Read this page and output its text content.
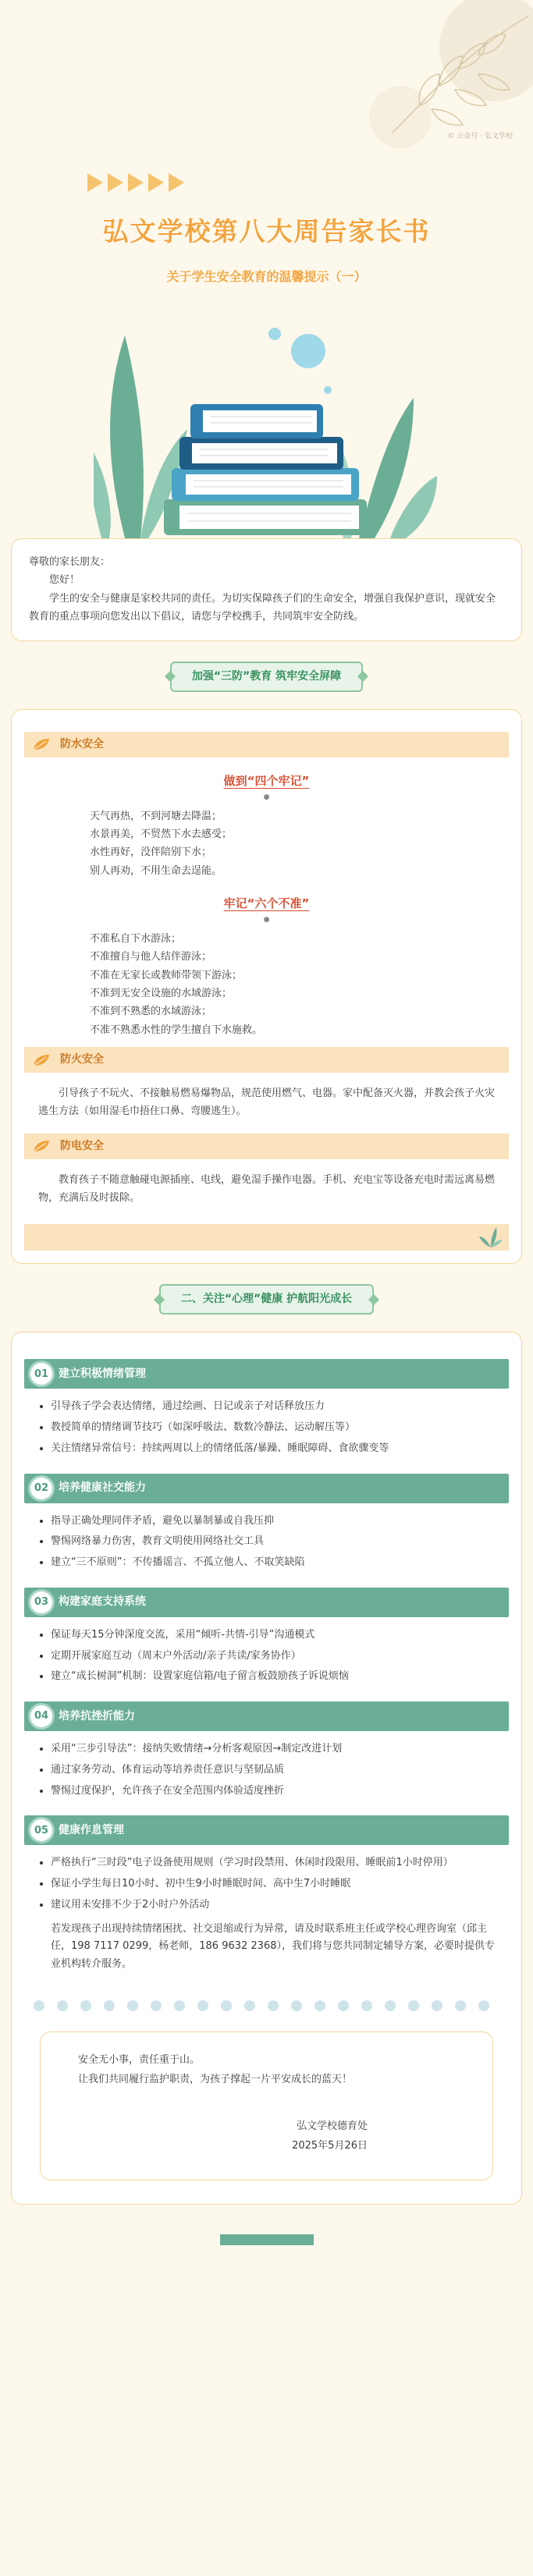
© 公众号 · 弘文学校
弘文学校第八大周告家长书
关于学生安全教育的温馨提示（一）

尊敬的家长朋友：

您好！

学生的安全与健康是家校共同的责任。为切实保障孩子们的生命安全，增强自我保护意识，现就安全教育的重点事项向您发出以下倡议，请您与学校携手，共同筑牢安全防线。

加强“三防”教育 筑牢安全屏障
防水安全
做到“四个牢记”
●
天气再热，不到河塘去降温；
水景再美，不贸然下水去感受；
水性再好，没伴陪别下水；
别人再劝，不用生命去逞能。
牢记“六个不准”
●
不准私自下水游泳；
不准擅自与他人结伴游泳；
不准在无家长或教师带领下游泳；
不准到无安全设施的水域游泳；
不准到不熟悉的水域游泳；
不准不熟悉水性的学生擅自下水施救。
防火安全

引导孩子不玩火、不接触易燃易爆物品，规范使用燃气、电器。家中配备灭火器，并教会孩子火灾逃生方法（如用湿毛巾捂住口鼻、弯腰逃生）。

防电安全

教育孩子不随意触碰电源插座、电线，避免湿手操作电器。手机、充电宝等设备充电时需远离易燃物，充满后及时拔除。

二、关注“心理”健康 护航阳光成长
01 建立积极情绪管理
引导孩子学会表达情绪，通过绘画、日记或亲子对话释放压力
教授简单的情绪调节技巧（如深呼吸法、数数冷静法、运动解压等）
关注情绪异常信号：持续两周以上的情绪低落/暴躁、睡眠障碍、食欲骤变等
02 培养健康社交能力
指导正确处理同伴矛盾，避免以暴制暴或自我压抑
警惕网络暴力伤害，教育文明使用网络社交工具
建立“三不原则”：不传播谣言、不孤立他人、不取笑缺陷
03 构建家庭支持系统
保证每天15分钟深度交流，采用“倾听-共情-引导”沟通模式
定期开展家庭互动（周末户外活动/亲子共读/家务协作）
建立“成长树洞”机制：设置家庭信箱/电子留言板鼓励孩子诉说烦恼
04 培养抗挫折能力
采用“三步引导法”：接纳失败情绪→分析客观原因→制定改进计划
通过家务劳动、体育运动等培养责任意识与坚韧品质
警惕过度保护，允许孩子在安全范围内体验适度挫折
05 健康作息管理
严格执行“三时段”电子设备使用规则（学习时段禁用、休闲时段限用、睡眠前1小时停用）
保证小学生每日10小时、初中生9小时睡眠时间、高中生7小时睡眠
建议用未安排不少于2小时户外活动

若发现孩子出现持续情绪困扰、社交退缩或行为异常，请及时联系班主任或学校心理咨询室（邱主任，198 7117 0299，杨老师，186 9632 2368），我们将与您共同制定辅导方案，必要时提供专业机构转介服务。

安全无小事，责任重于山。

让我们共同履行监护职责，为孩子撑起一片平安成长的蓝天！

弘文学校德育处
2025年5月26日
